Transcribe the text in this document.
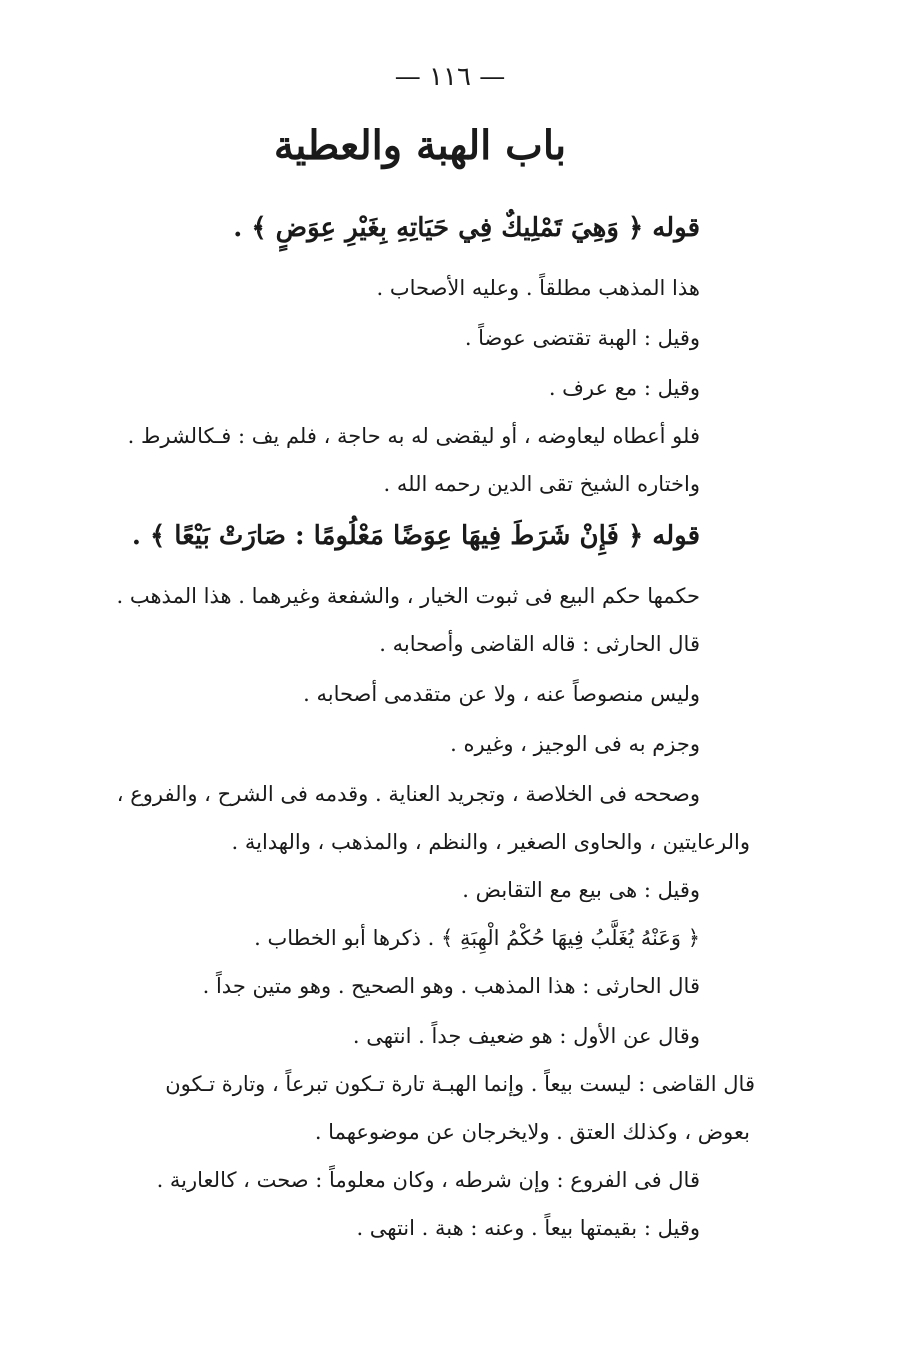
— ١١٦ —
باب الهبة والعطية
قوله ﴿ وَهِيَ تَمْلِيكٌ فِي حَيَاتِهِ بِغَيْرِ عِوَضٍ ﴾ .
هذا المذهب مطلقاً . وعليه الأصحاب .
وقيل : الهبة تقتضى عوضاً .
وقيل : مع عرف .
فلو أعطاه ليعاوضه ، أو ليقضى له به حاجة ، فلم يف : فـكالشرط .
واختاره الشيخ تقى الدين رحمه الله .
قوله ﴿ فَإِنْ شَرَطَ فِيهَا عِوَضًا مَعْلُومًا : صَارَتْ بَيْعًا ﴾ .
حكمها حكم البيع فى ثبوت الخيار ، والشفعة وغيرهما . هذا المذهب .
قال الحارثى : قاله القاضى وأصحابه .
وليس منصوصاً عنه ، ولا عن متقدمى أصحابه .
وجزم به فى الوجيز ، وغيره .
وصححه فى الخلاصة ، وتجريد العناية . وقدمه فى الشرح ، والفروع ،
والرعايتين ، والحاوى الصغير ، والنظم ، والمذهب ، والهداية .
وقيل : هى بيع مع التقابض .
﴿ وَعَنْهُ يُغَلَّبُ فِيهَا حُكْمُ الْهِبَةِ ﴾ . ذكرها أبو الخطاب .
قال الحارثى : هذا المذهب . وهو الصحيح . وهو متين جداً .
وقال عن الأول : هو ضعيف جداً . انتهى .
قال القاضى : ليست بيعاً . وإنما الهبـة تارة تـكون تبرعاً ، وتارة تـكون
بعوض ، وكذلك العتق . ولايخرجان عن موضوعهما .
قال فى الفروع : وإن شرطه ، وكان معلوماً : صحت ، كالعارية .
وقيل : بقيمتها بيعاً . وعنه : هبة . انتهى .
